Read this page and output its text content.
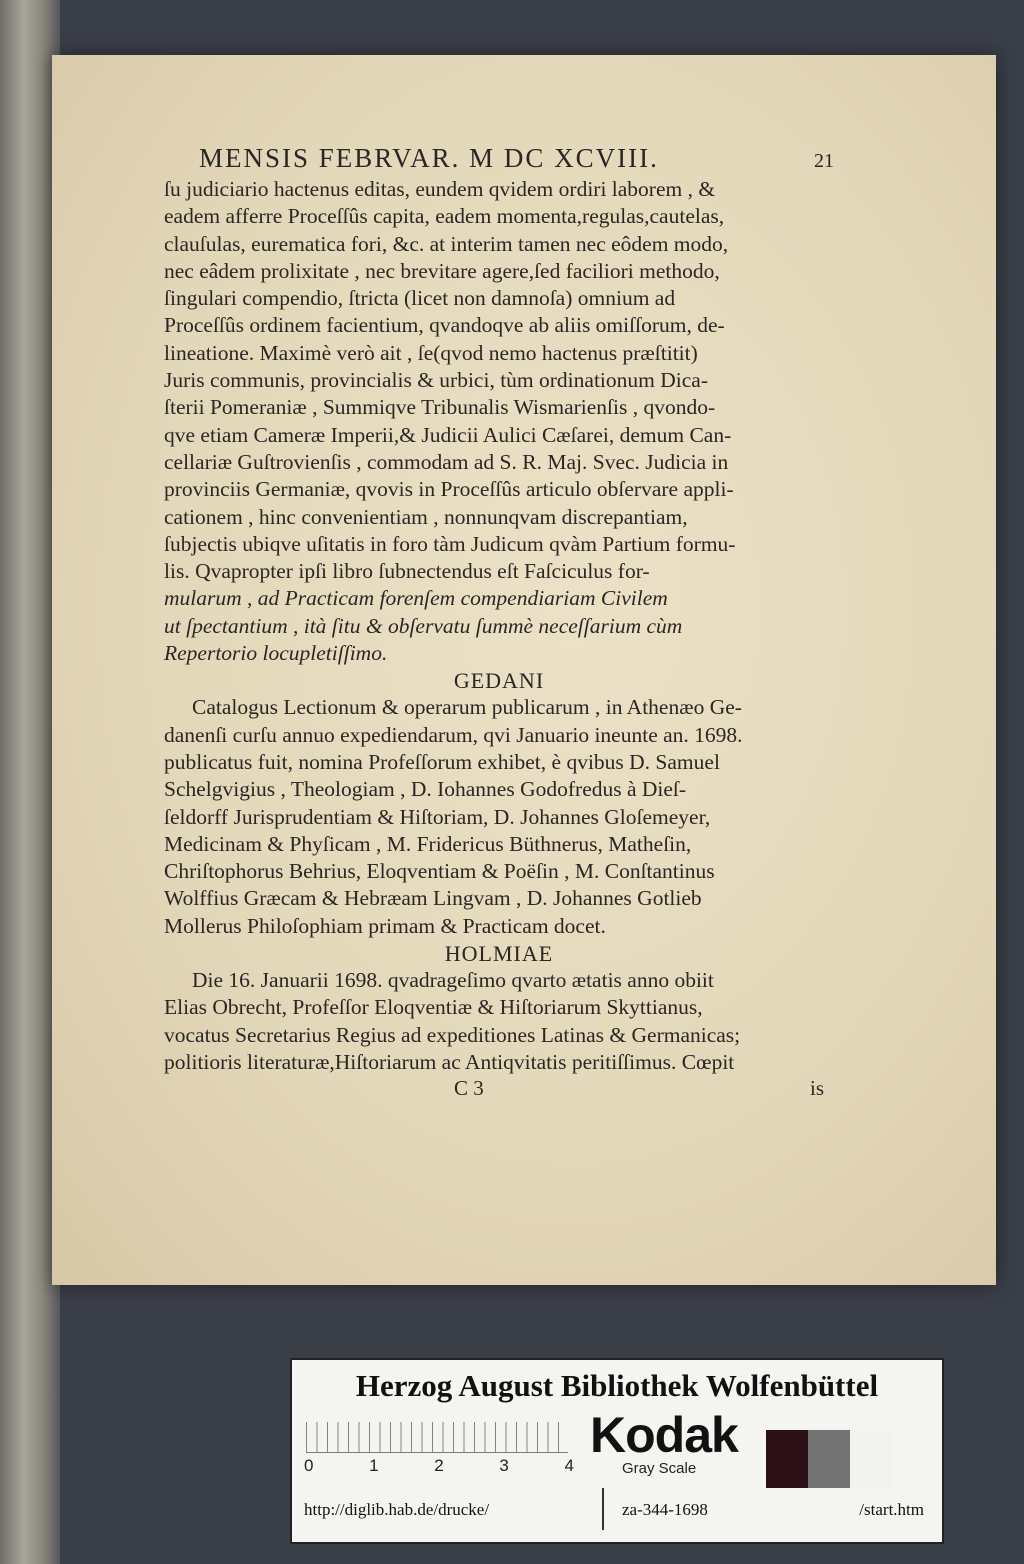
MENSIS FEBRVAR. M DC XCVIII.	21

ſu judiciario hactenus editas, eundem qvidem ordiri laborem , &
eadem afferre Proceſſûs capita, eadem momenta,regulas,cautelas,
clauſulas, eurematica fori, &c. at interim tamen nec eôdem modo,
nec eâdem prolixitate , nec brevitare agere,ſed faciliori methodo,
ſingulari compendio, ſtricta (licet non damnoſa) omnium ad
Proceſſûs ordinem facientium, qvandoqve ab aliis omiſſorum, de-
lineatione. Maximè verò ait , ſe(qvod nemo hactenus præſtitit)
Juris communis, provincialis & urbici, tùm ordinationum Dica-
ſterii Pomeraniæ , Summiqve Tribunalis Wismarienſis , qvondo-
qve etiam Cameræ Imperii,& Judicii Aulici Cæſarei, demum Can-
cellariæ Guſtrovienſis , commodam ad S. R. Maj. Svec. Judicia in
provinciis Germaniæ, qvovis in Proceſſûs articulo obſervare appli-
cationem , hinc convenientiam , nonnunqvam discrepantiam,
ſubjectis ubiqve uſitatis in foro tàm Judicum qvàm Partium formu-
lis. Qvapropter ipſi libro ſubnectendus eſt Faſciculus for-
mularum , ad Practicam forenſem compendiariam Civilem
ut ſpectantium , ità ſitu & obſervatu ſummè neceſſarium cùm
Repertorio locupletiſſimo.

GEDANI

Catalogus Lectionum & operarum publicarum , in Athenæo Ge-
danenſi curſu annuo expediendarum, qvi Januario ineunte an. 1698.
publicatus fuit, nomina Profeſſorum exhibet, è qvibus D. Samuel
Schelgvigius , Theologiam , D. Iohannes Godofredus à Dieſ-
ſeldorff Jurisprudentiam & Hiſtoriam, D. Johannes Gloſemeyer,
Medicinam & Phyſicam , M. Fridericus Büthnerus, Matheſin,
Chriſtophorus Behrius, Eloqventiam & Poëſin , M. Conſtantinus
Wolffius Græcam & Hebræam Lingvam , D. Johannes Gotlieb
Mollerus Philoſophiam primam & Practicam docet.

HOLMIAE

Die 16. Januarii 1698. qvadrageſimo qvarto ætatis anno obiit
Elias Obrecht, Profeſſor Eloqventiæ & Hiſtoriarum Skyttianus,
vocatus Secretarius Regius ad expeditiones Latinas & Germanicas;
politioris literaturæ,Hiſtoriarum ac Antiqvitatis peritiſſimus. Cœpit

C 3	is
Herzog August Bibliothek Wolfenbüttel
0	1	2	3	4
Kodak
Gray Scale
http://diglib.hab.de/drucke/	za-344-1698	/start.htm
